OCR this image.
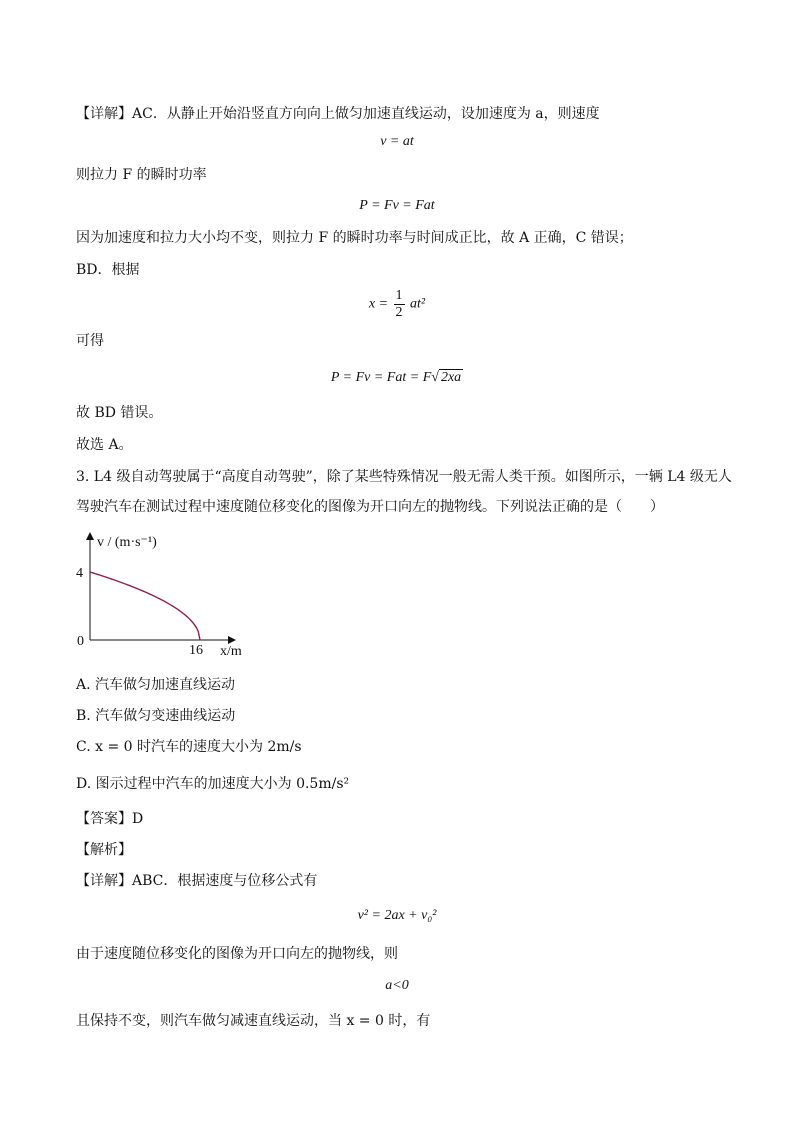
【详解】AC．从静止开始沿竖直方向向上做匀加速直线运动，设加速度为 a，则速度
v = at
则拉力 F 的瞬时功率
P = Fv = Fat
因为加速度和拉力大小均不变，则拉力 F 的瞬时功率与时间成正比，故 A 正确，C 错误；
BD．根据
$x = \frac{1}{2} at^2$
可得
P = Fv = Fat = F√ 2xa
故 BD 错误。
故选 A。
3. L4 级自动驾驶属于“高度自动驾驶”，除了某些特殊情况一般无需人类干预。如图所示，一辆 L4 级无人
驾驶汽车在测试过程中速度随位移变化的图像为开口向左的抛物线。下列说法正确的是（　　）
v / (m·s⁻¹)
4
0
16 x/m
A. 汽车做匀加速直线运动
B. 汽车做匀变速曲线运动
C. x = 0 时汽车的速度大小为 2m/s
D. 图示过程中汽车的加速度大小为 0.5m/s²
【答案】D
【解析】
【详解】ABC．根据速度与位移公式有
v² = 2ax + v₀²
由于速度随位移变化的图像为开口向左的抛物线，则
a<0
且保持不变，则汽车做匀减速直线运动，当 x = 0 时，有
